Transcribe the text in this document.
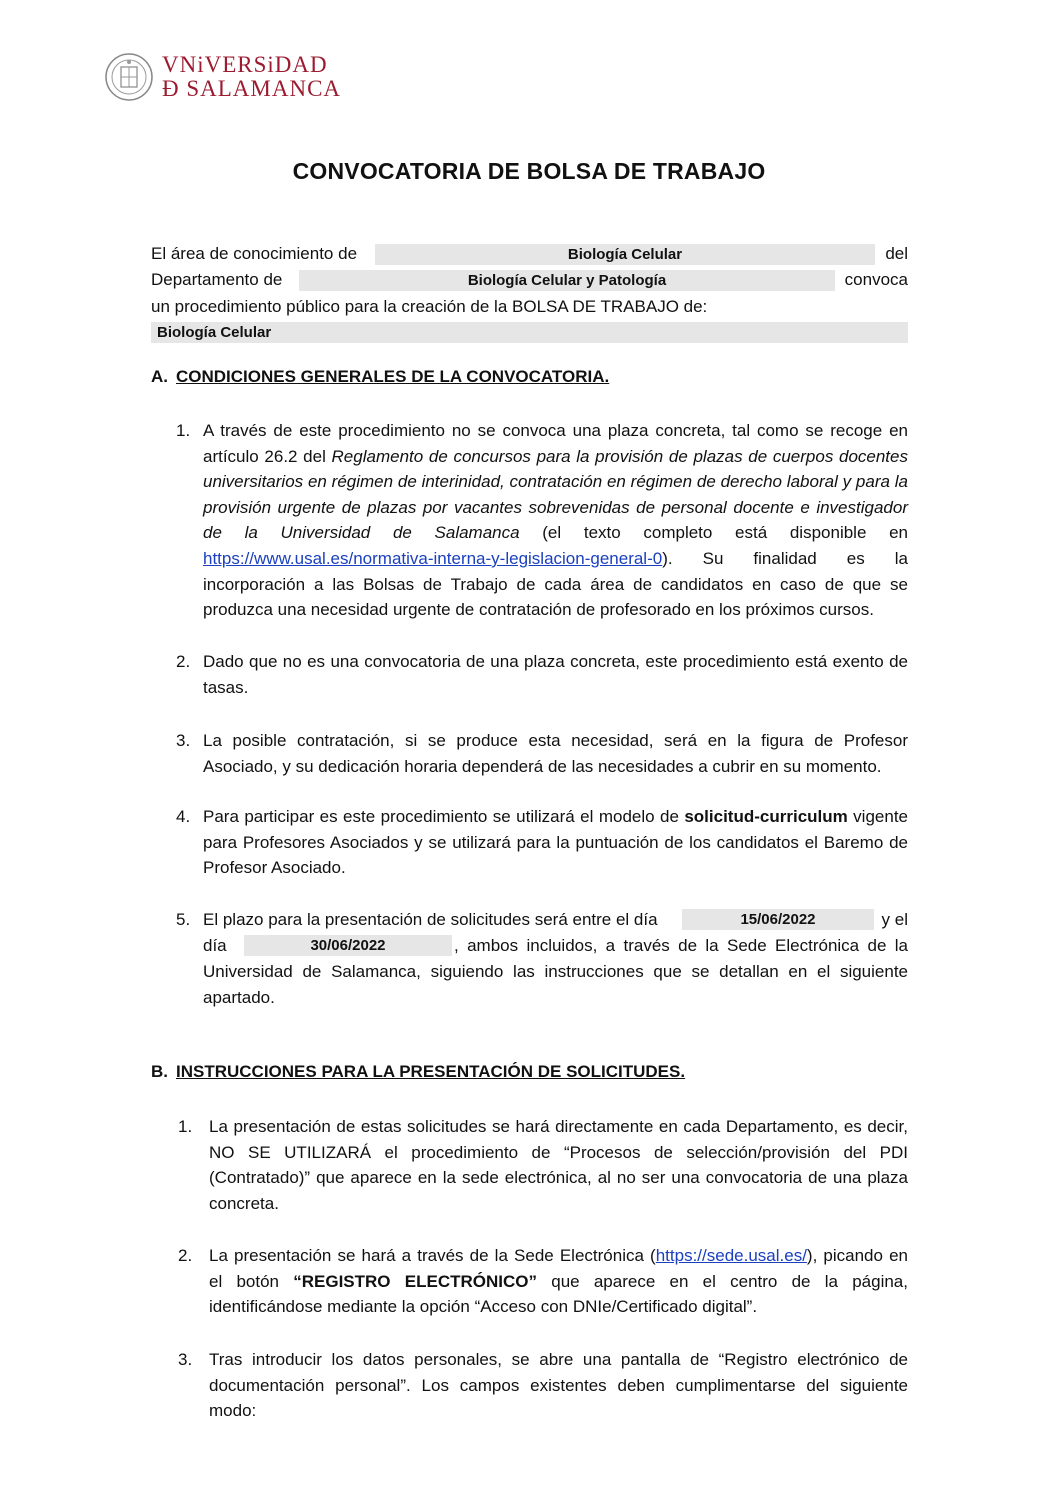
VNiVERSiDAD
Ð SALAMANCA
CONVOCATORIA DE BOLSA DE TRABAJO
El área de conocimiento de	Biología Celular	del
Departamento de	Biología Celular y Patología	convoca
un procedimiento público para la creación de la BOLSA DE TRABAJO de:
Biología Celular
A. CONDICIONES GENERALES DE LA CONVOCATORIA.
1. A través de este procedimiento no se convoca una plaza concreta, tal como se recoge en artículo 26.2 del Reglamento de concursos para la provisión de plazas de cuerpos docentes universitarios en régimen de interinidad, contratación en régimen de derecho laboral y para la provisión urgente de plazas por vacantes sobrevenidas de personal docente e investigador de la Universidad de Salamanca (el texto completo está disponible en https://www.usal.es/normativa-interna-y-legislacion-general-0). Su finalidad es la incorporación a las Bolsas de Trabajo de cada área de candidatos en caso de que se produzca una necesidad urgente de contratación de profesorado en los próximos cursos.
2. Dado que no es una convocatoria de una plaza concreta, este procedimiento está exento de tasas.
3. La posible contratación, si se produce esta necesidad, será en la figura de Profesor Asociado, y su dedicación horaria dependerá de las necesidades a cubrir en su momento.
4. Para participar es este procedimiento se utilizará el modelo de solicitud-curriculum vigente para Profesores Asociados y se utilizará para la puntuación de los candidatos el Baremo de Profesor Asociado.
5. El plazo para la presentación de solicitudes será entre el día	15/06/2022	y el
día	30/06/2022	, ambos incluidos, a través de la Sede Electrónica de la
Universidad de Salamanca, siguiendo las instrucciones que se detallan en el siguiente
apartado.
B. INSTRUCCIONES PARA LA PRESENTACIÓN DE SOLICITUDES.
1. La presentación de estas solicitudes se hará directamente en cada Departamento, es decir, NO SE UTILIZARÁ el procedimiento de “Procesos de selección/provisión del PDI (Contratado)” que aparece en la sede electrónica, al no ser una convocatoria de una plaza concreta.
2. La presentación se hará a través de la Sede Electrónica (https://sede.usal.es/), picando en el botón “REGISTRO ELECTRÓNICO” que aparece en el centro de la página, identificándose mediante la opción “Acceso con DNIe/Certificado digital”.
3. Tras introducir los datos personales, se abre una pantalla de “Registro electrónico de documentación personal”. Los campos existentes deben cumplimentarse del siguiente modo:
